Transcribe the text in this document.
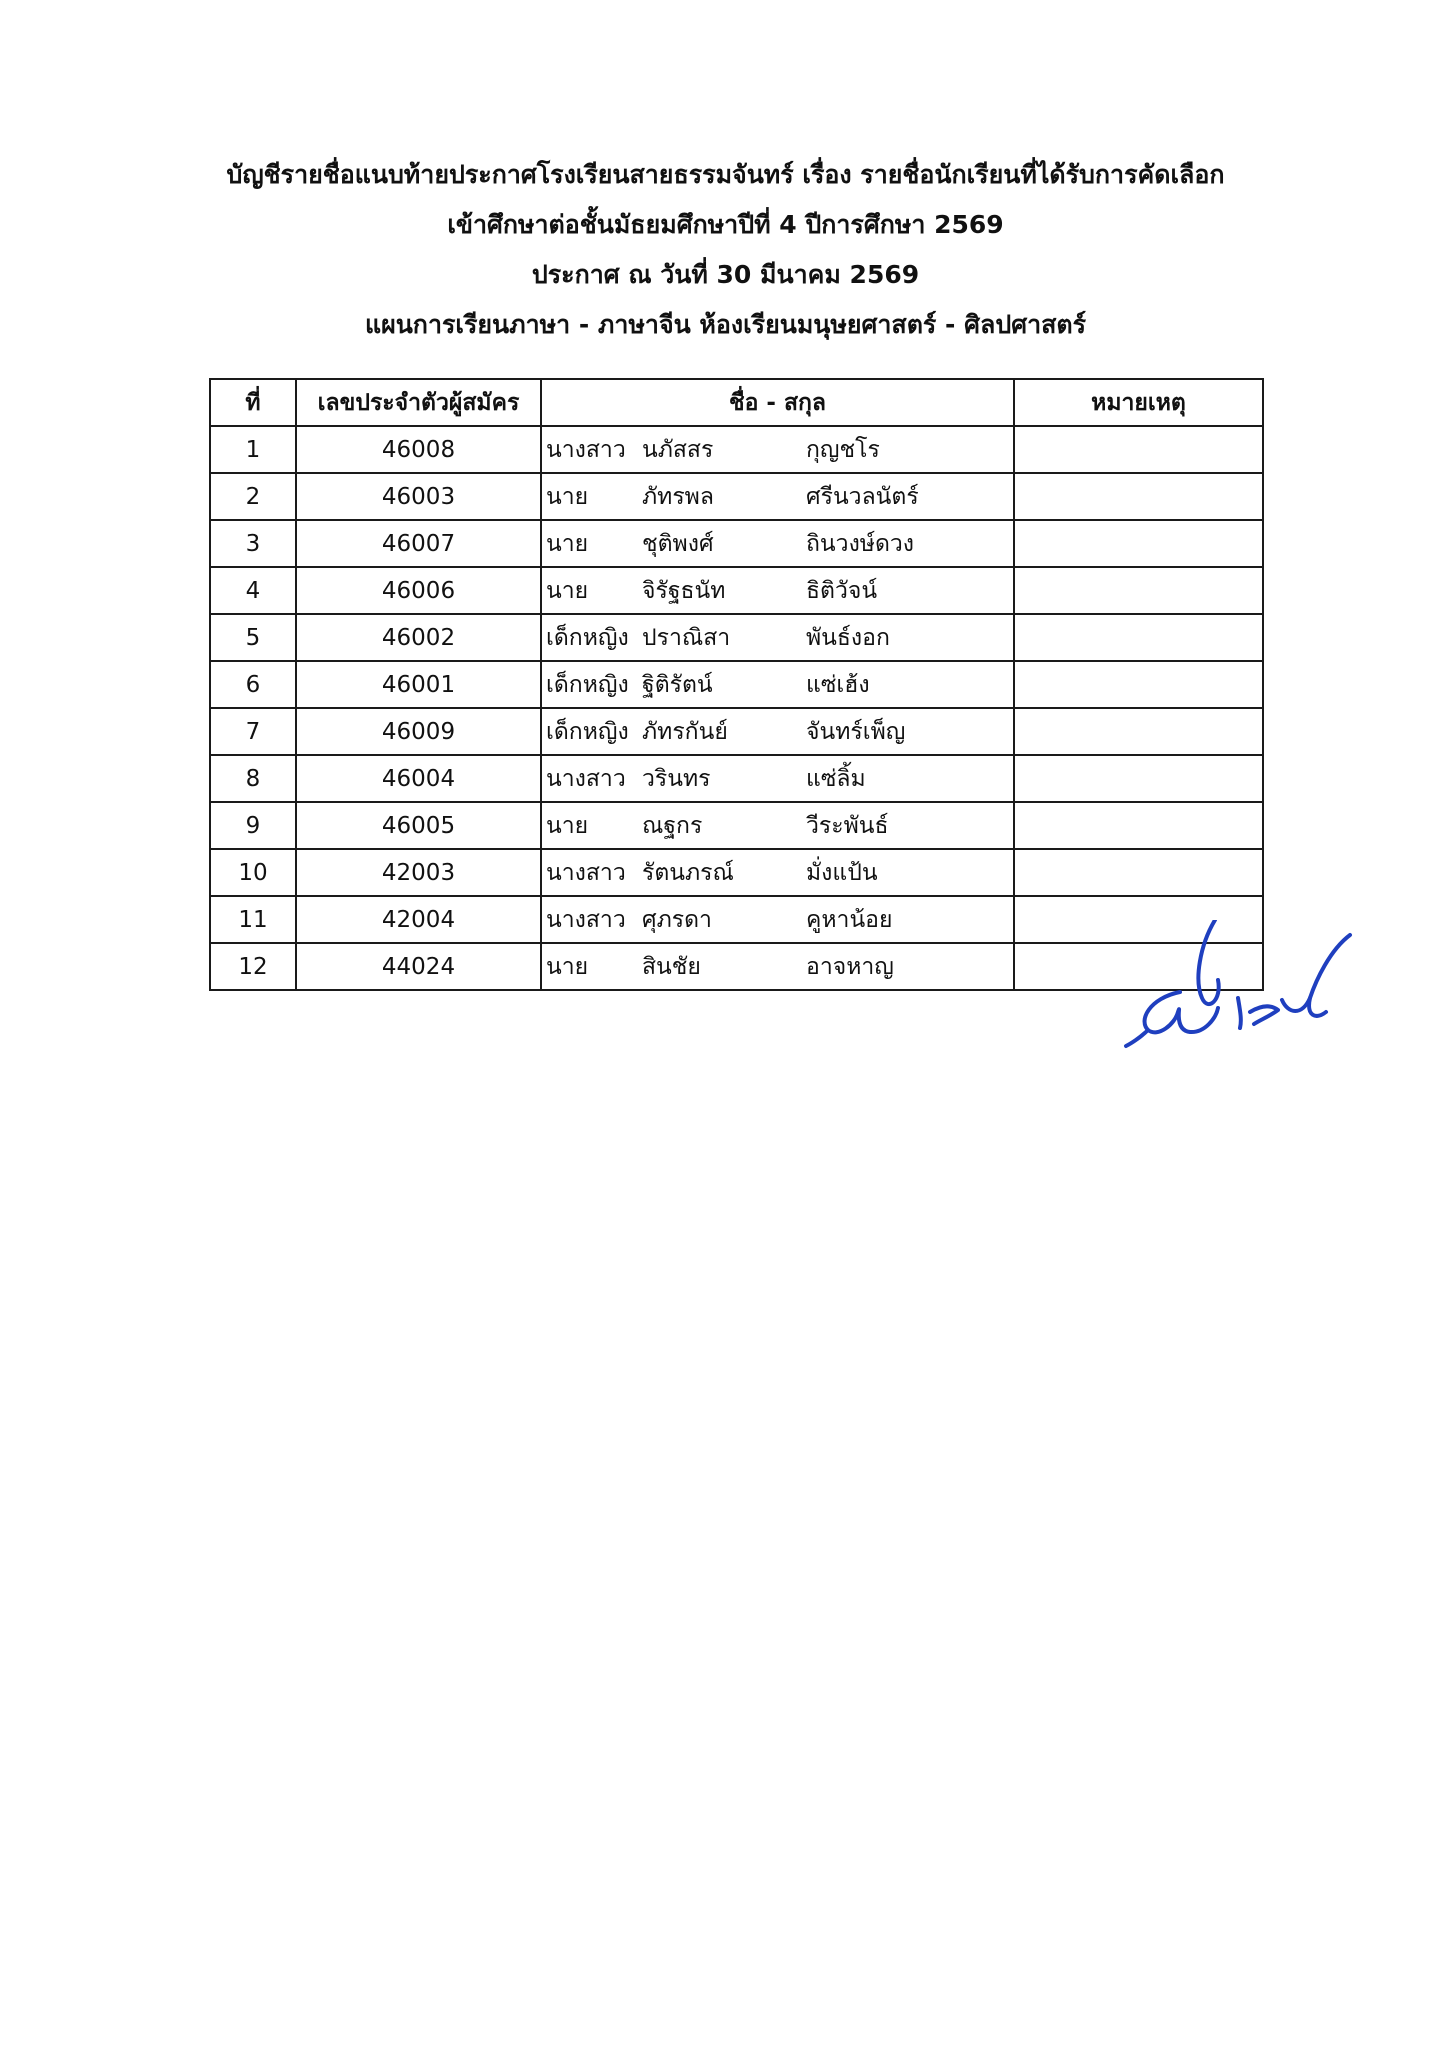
บัญชีรายชื่อแนบท้ายประกาศโรงเรียนสายธรรมจันทร์ เรื่อง รายชื่อนักเรียนที่ได้รับการคัดเลือก
เข้าศึกษาต่อชั้นมัธยมศึกษาปีที่ 4 ปีการศึกษา 2569
ประกาศ ณ วันที่ 30 มีนาคม 2569
แผนการเรียนภาษา - ภาษาจีน ห้องเรียนมนุษยศาสตร์ - ศิลปศาสตร์
ที่	เลขประจำตัวผู้สมัคร	ชื่อ - สกุล	หมายเหตุ
1	46008	นางสาว นภัสสร กุญชโร	

2	46003	นาย ภัทรพล ศรีนวลนัตร์	

3	46007	นาย ชุติพงศ์ ถินวงษ์ดวง	

4	46006	นาย จิรัฐธนัท ธิติวัจน์	

5	46002	เด็กหญิง ปราณิสา พันธ์งอก	

6	46001	เด็กหญิง ฐิติรัตน์ แซ่เฮ้ง	

7	46009	เด็กหญิง ภัทรกันย์ จันทร์เพ็ญ	

8	46004	นางสาว วรินทร แซ่ลิ้ม	

9	46005	นาย ณฐกร วีระพันธ์	

10	42003	นางสาว รัตนภรณ์ มั่งแป้น	

11	42004	นางสาว ศุภรดา คูหาน้อย	

12	44024	นาย สินชัย อาจหาญ	
